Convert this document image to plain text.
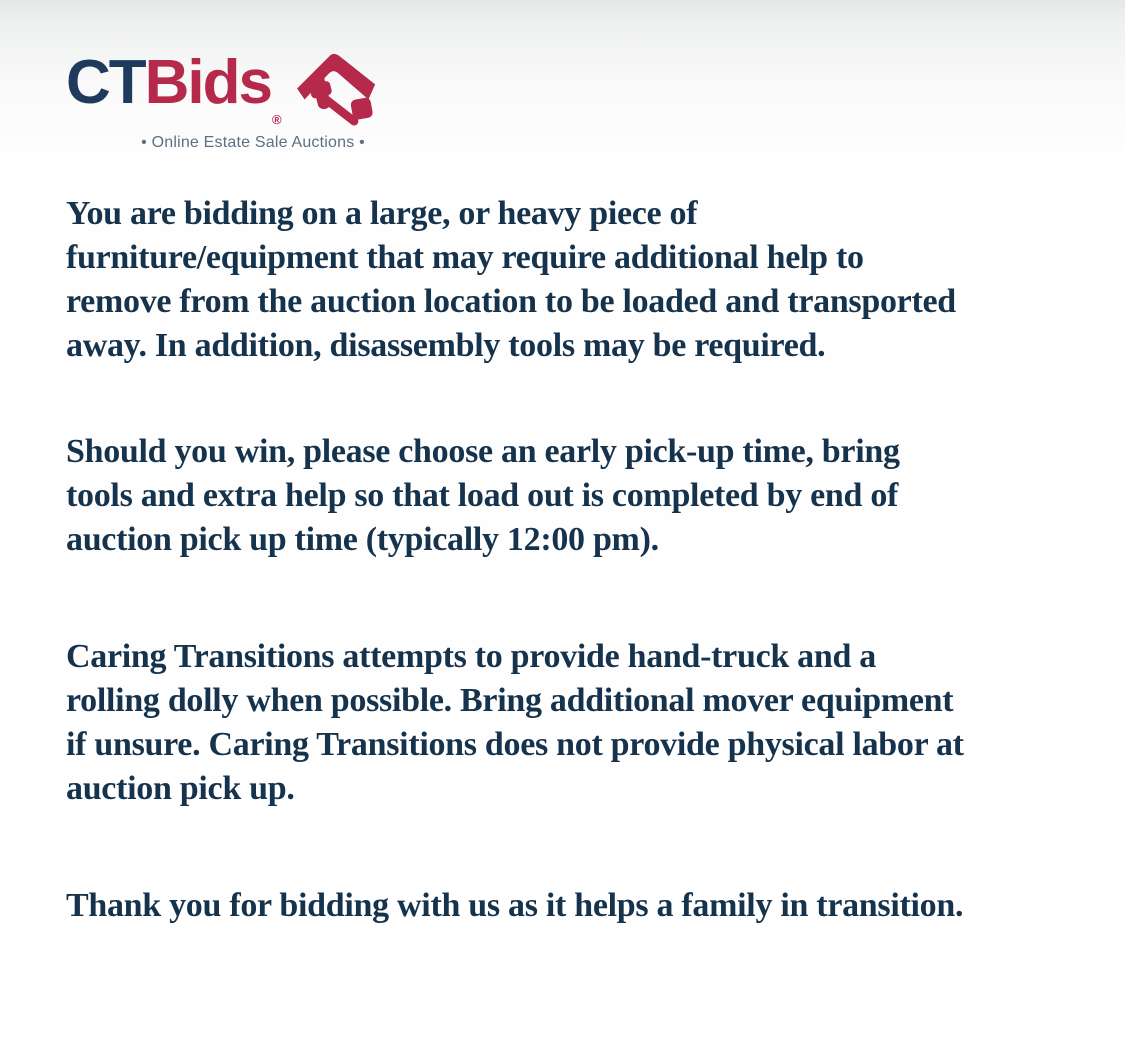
CT Bids
®
• Online Estate Sale Auctions •

You are bidding on a large, or heavy piece of
furniture/equipment that may require additional help to
remove from the auction location to be loaded and transported
away. In addition, disassembly tools may be required.

Should you win, please choose an early pick-up time, bring
tools and extra help so that load out is completed by end of
auction pick up time (typically 12:00 pm).

Caring Transitions attempts to provide hand-truck and a
rolling dolly when possible. Bring additional mover equipment
if unsure. Caring Transitions does not provide physical labor at
auction pick up.

Thank you for bidding with us as it helps a family in transition.
